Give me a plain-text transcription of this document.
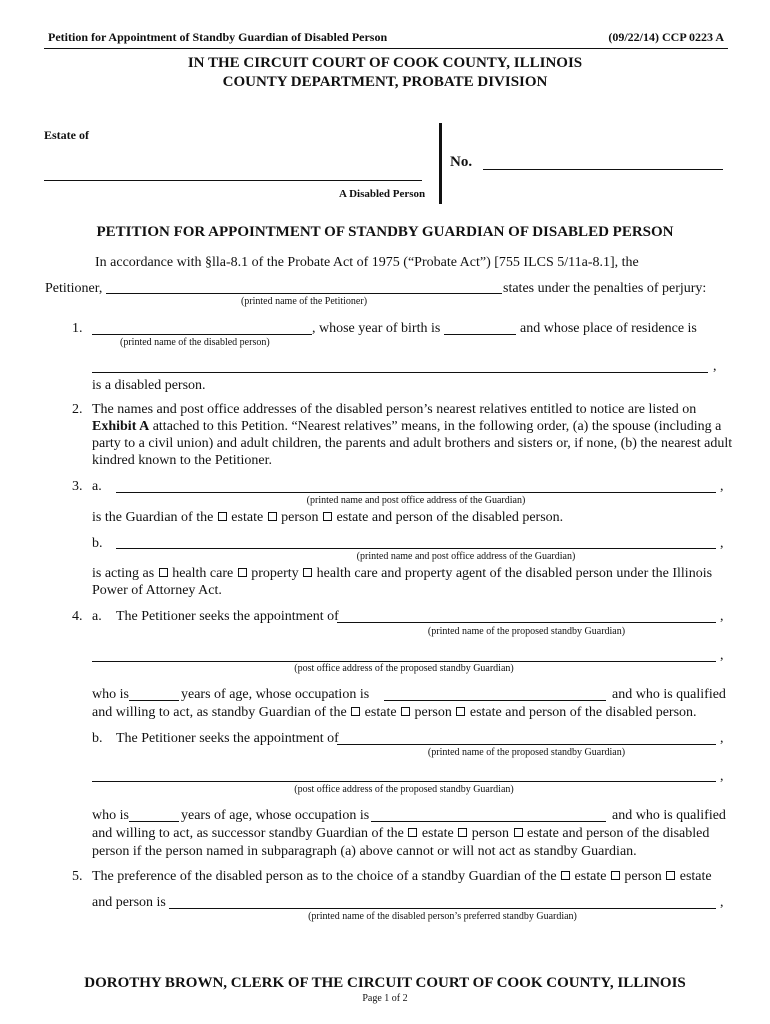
Petition for Appointment of Standby Guardian of Disabled Person	(09/22/14) CCP 0223 A
IN THE CIRCUIT COURT OF COOK COUNTY, ILLINOIS
COUNTY DEPARTMENT, PROBATE DIVISION
Estate of
A Disabled Person
No.
PETITION FOR APPOINTMENT OF STANDBY GUARDIAN OF DISABLED PERSON
In accordance with §lla-8.1 of the Probate Act of 1975 (“Probate Act”) [755 ILCS 5/11a-8.1], the
Petitioner,	states under the penalties of perjury:
(printed name of the Petitioner)
1.	, whose year of birth is	and whose place of residence is
(printed name of the disabled person)
,
is a disabled person.
2. The names and post office addresses of the disabled person’s nearest relatives entitled to notice are listed on
Exhibit A attached to this Petition. “Nearest relatives” means, in the following order, (a) the spouse (including a
party to a civil union) and adult children, the parents and adult brothers and sisters or, if none, (b) the nearest adult
kindred known to the Petitioner.
3. a.	,
(printed name and post office address of the Guardian)
is the Guardian of the estate person estate and person of the disabled person.
b.	,
(printed name and post office address of the Guardian)
is acting as health care property health care and property agent of the disabled person under the Illinois
Power of Attorney Act.
4. a. The Petitioner seeks the appointment of	,
(printed name of the proposed standby Guardian)
,
(post office address of the proposed standby Guardian)
who is	years of age, whose occupation is	and who is qualified
and willing to act, as standby Guardian of the estate person estate and person of the disabled person.
b. The Petitioner seeks the appointment of	,
(printed name of the proposed standby Guardian)
,
(post office address of the proposed standby Guardian)
who is	years of age, whose occupation is	and who is qualified
and willing to act, as successor standby Guardian of the estate person estate and person of the disabled
person if the person named in subparagraph (a) above cannot or will not act as standby Guardian.
5. The preference of the disabled person as to the choice of a standby Guardian of the estate person estate
and person is	,
(printed name of the disabled person’s preferred standby Guardian)
DOROTHY BROWN, CLERK OF THE CIRCUIT COURT OF COOK COUNTY, ILLINOIS
Page 1 of 2
